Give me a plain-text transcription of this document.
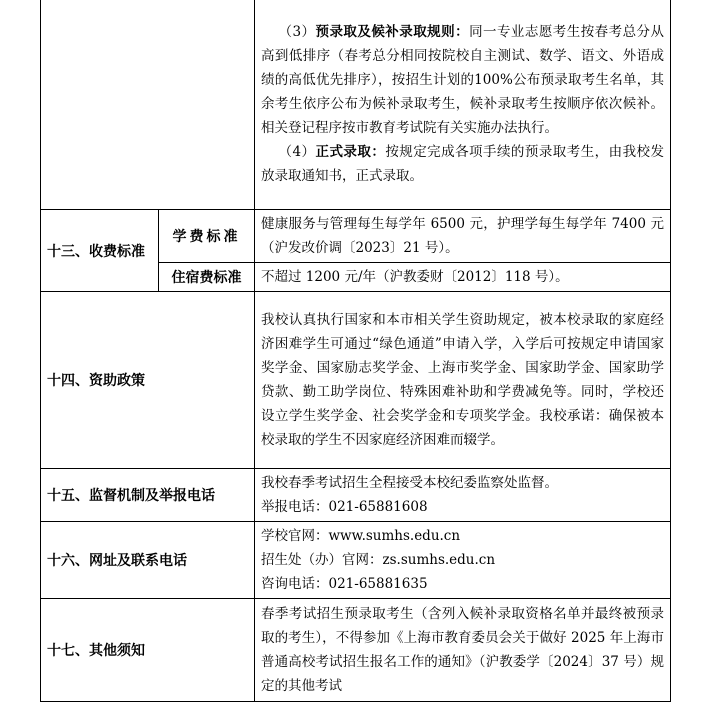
		（3）预录取及候补录取规则：同一专业志愿考生按春考总分从高到低排序（春考总分相同按院校自主测试、数学、语文、外语成绩的高低优先排序），按招生计划的100%公布预录取考生名单，其余考生依序公布为候补录取考生，候补录取考生按顺序依次候补。相关登记程序按市教育考试院有关实施办法执行。

（4）正式录取：按规定完成各项手续的预录取考生，由我校发放录取通知书，正式录取。

十三、收费标准	学费标准	健康服务与管理每生每学年 6500 元，护理学每生每学年 7400 元（沪发改价调〔2023〕21 号）。
	住宿费标准	不超过 1200 元/年（沪教委财〔2012〕118 号）。
十四、资助政策		我校认真执行国家和本市相关学生资助规定，被本校录取的家庭经济困难学生可通过“绿色通道”申请入学，入学后可按规定申请国家奖学金、国家励志奖学金、上海市奖学金、国家助学金、国家助学贷款、勤工助学岗位、特殊困难补助和学费减免等。同时，学校还设立学生奖学金、社会奖学金和专项奖学金。我校承诺：确保被本校录取的学生不因家庭经济困难而辍学。
十五、监督机制及举报电话		我校春季考试招生全程接受本校纪委监察处监督。

举报电话：021-65881608

十六、网址及联系电话		学校官网：www.sumhs.edu.cn

招生处（办）官网：zs.sumhs.edu.cn

咨询电话：021-65881635

十七、其他须知		春季考试招生预录取考生（含列入候补录取资格名单并最终被预录取的考生），不得参加《上海市教育委员会关于做好 2025 年上海市普通高校考试招生报名工作的通知》（沪教委学〔2024〕37 号）规定的其他考试
